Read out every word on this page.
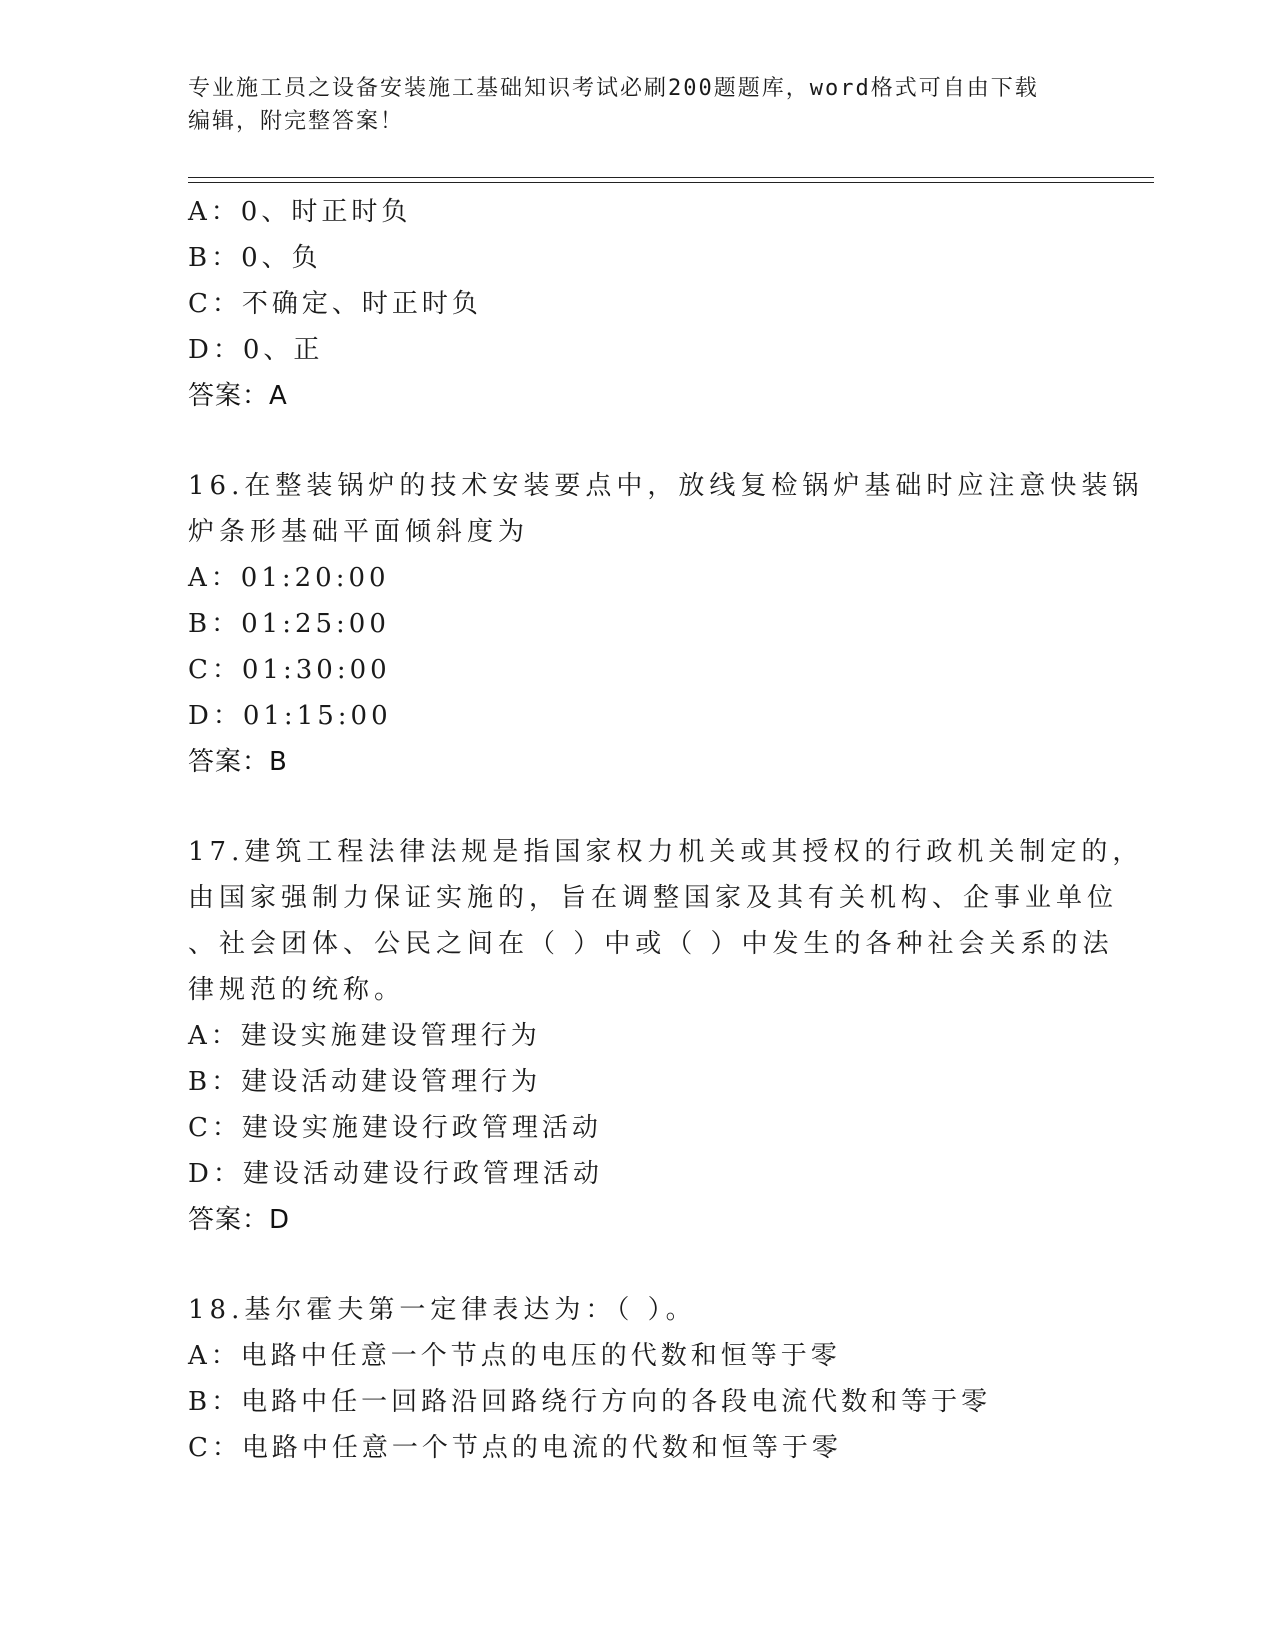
专业施工员之设备安装施工基础知识考试必刷200题题库，word格式可自由下载
编辑，附完整答案！
A：0、时正时负
B：0、负
C：不确定、时正时负
D：0、正
答案：A
16.在整装锅炉的技术安装要点中，放线复检锅炉基础时应注意快装锅
炉条形基础平面倾斜度为
A：01:20:00
B：01:25:00
C：01:30:00
D：01:15:00
答案：B
17.建筑工程法律法规是指国家权力机关或其授权的行政机关制定的，
由国家强制力保证实施的，旨在调整国家及其有关机构、企事业单位
、社会团体、公民之间在（ ）中或（ ）中发生的各种社会关系的法
律规范的统称。
A：建设实施建设管理行为
B：建设活动建设管理行为
C：建设实施建设行政管理活动
D：建设活动建设行政管理活动
答案：D
18.基尔霍夫第一定律表达为：（ ）。
A：电路中任意一个节点的电压的代数和恒等于零
B：电路中任一回路沿回路绕行方向的各段电流代数和等于零
C：电路中任意一个节点的电流的代数和恒等于零
